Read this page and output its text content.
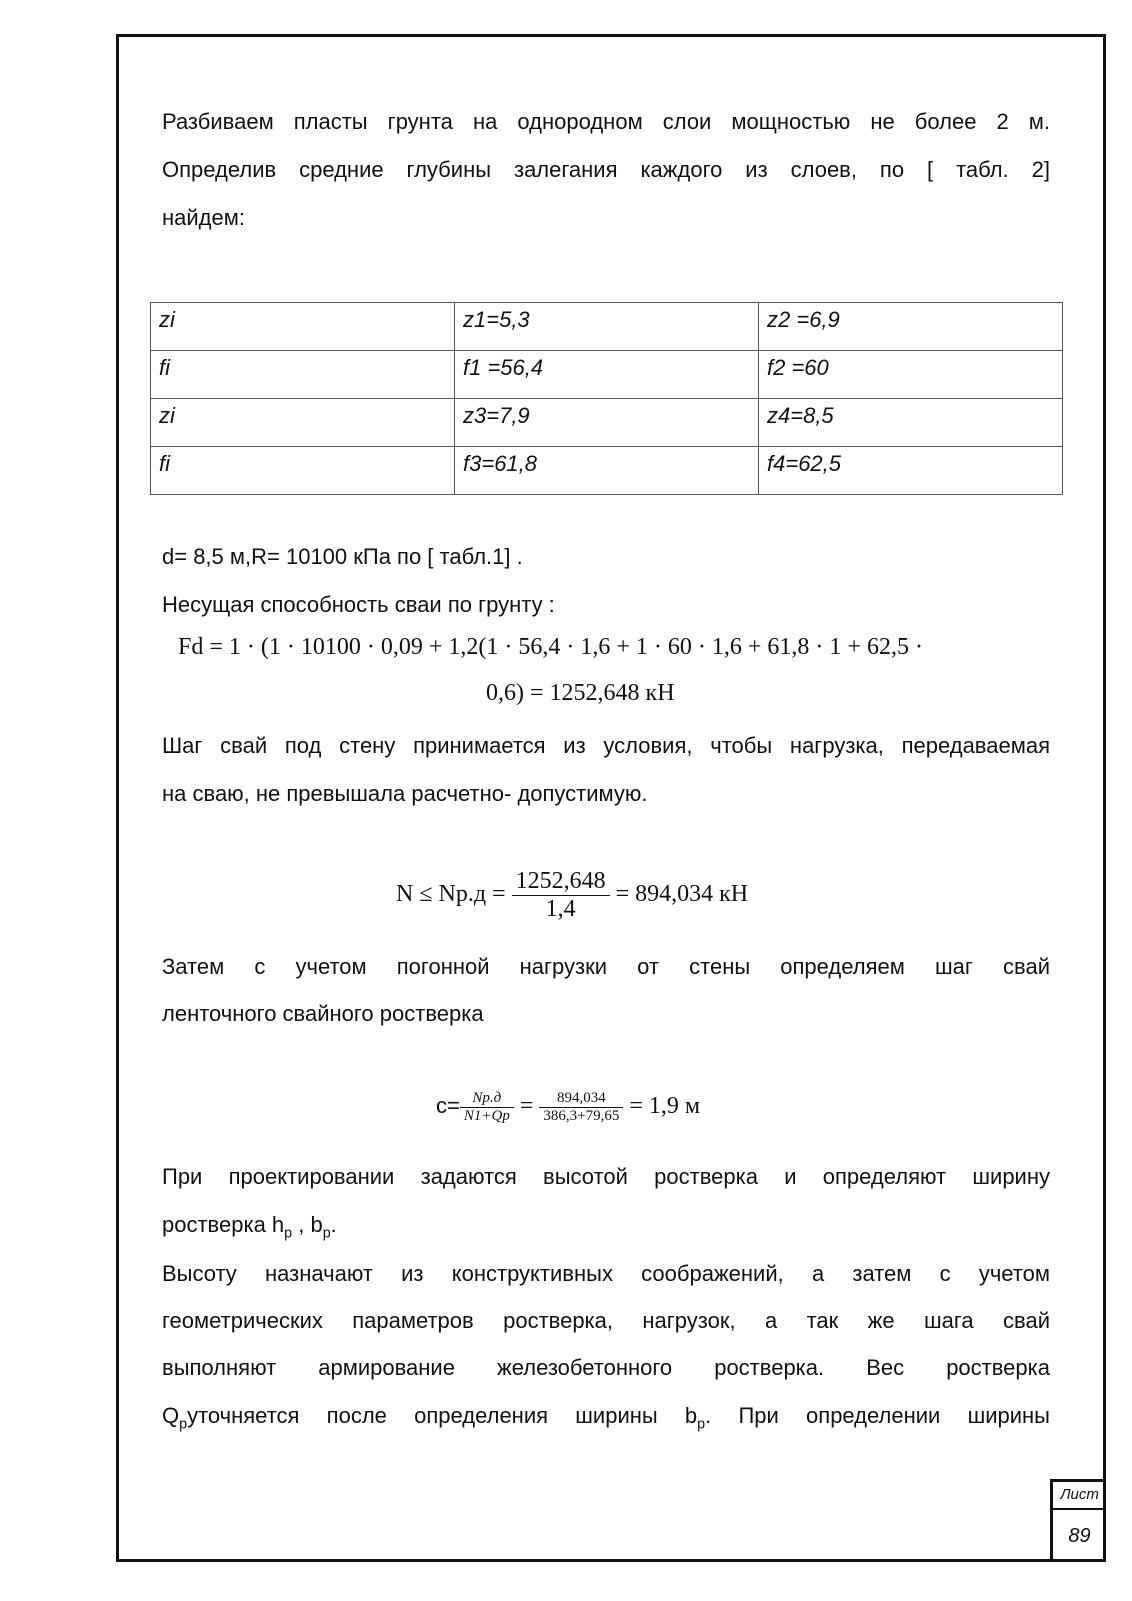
Разбиваем пласты грунта на однородном слои мощностью не более 2 м.
Определив средние глубины залегания каждого из слоев, по [ табл. 2]
найдем:
zi	z1=5,3	z2 =6,9
fi	f1 =56,4	f2 =60
zi	z3=7,9	z4=8,5
fi	f3=61,8	f4=62,5
d= 8,5 м,R= 10100 кПа по [ табл.1] .
Несущая способность сваи по грунту :
Fd = 1 · (1 · 10100 · 0,09 + 1,2(1 · 56,4 · 1,6 + 1 · 60 · 1,6 + 61,8 · 1 + 62,5 ·
0,6) = 1252,648 кН
Шаг свай под стену принимается из условия, чтобы нагрузка, передаваемая
на сваю, не превышала расчетно- допустимую.
$N \le Nр.д = \frac{1252,648}{1,4} = 894,034$ кН
Затем с учетом погонной нагрузки от стены определяем шаг свай
ленточного свайного ростверка
$c= \frac{Nр.д}{N1+Qр} = \frac{894,034}{386,3+79,65} = 1,9$ м
При проектировании задаются высотой ростверка и определяют ширину
ростверка $h_р$ , $b_р$.
Высоту назначают из конструктивных соображений, а затем с учетом
геометрических параметров ростверка, нагрузок, а так же шага свай
выполняют армирование железобетонного ростверка. Вес ростверка
$Q_руточняется$ после определения ширины $b_р$. При определении ширины
Лист
89
